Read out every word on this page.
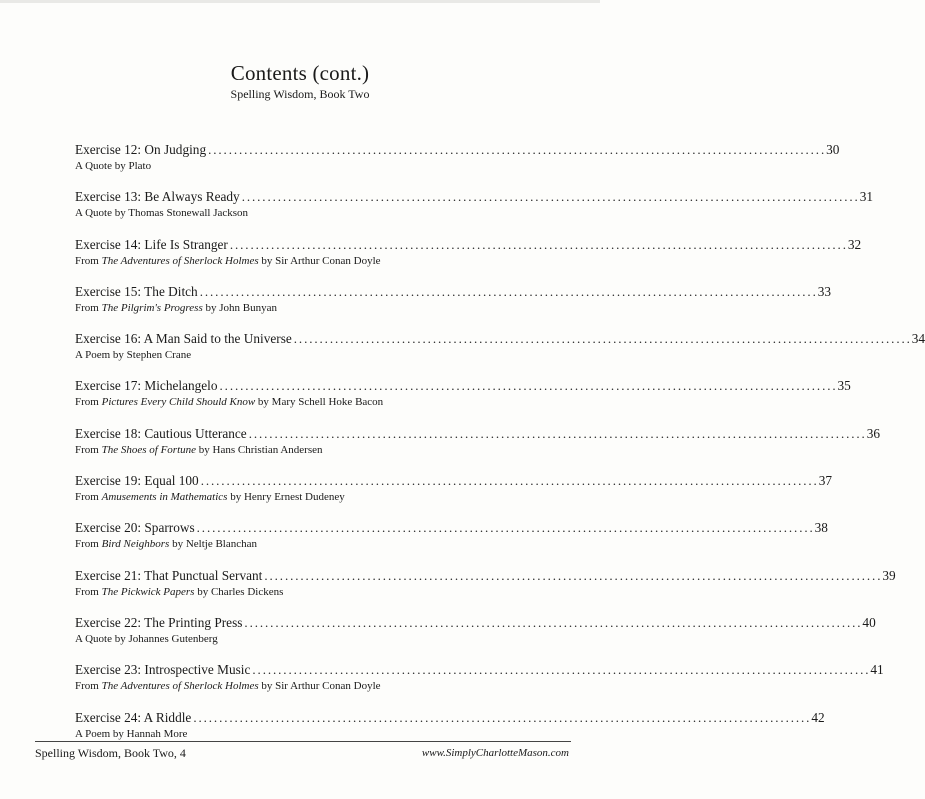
Contents (cont.)
Spelling Wisdom, Book Two
Exercise 12: On Judging ........................................................................................................................ 30
A Quote by Plato
Exercise 13: Be Always Ready ........................................................................................................................ 31
A Quote by Thomas Stonewall Jackson
Exercise 14: Life Is Stranger ........................................................................................................................ 32
From The Adventures of Sherlock Holmes by Sir Arthur Conan Doyle
Exercise 15: The Ditch ........................................................................................................................ 33
From The Pilgrim's Progress by John Bunyan
Exercise 16: A Man Said to the Universe ........................................................................................................................ 34
A Poem by Stephen Crane
Exercise 17: Michelangelo ........................................................................................................................ 35
From Pictures Every Child Should Know by Mary Schell Hoke Bacon
Exercise 18: Cautious Utterance ........................................................................................................................ 36
From The Shoes of Fortune by Hans Christian Andersen
Exercise 19: Equal 100 ........................................................................................................................ 37
From Amusements in Mathematics by Henry Ernest Dudeney
Exercise 20: Sparrows ........................................................................................................................ 38
From Bird Neighbors by Neltje Blanchan
Exercise 21: That Punctual Servant ........................................................................................................................ 39
From The Pickwick Papers by Charles Dickens
Exercise 22: The Printing Press ........................................................................................................................ 40
A Quote by Johannes Gutenberg
Exercise 23: Introspective Music ........................................................................................................................ 41
From The Adventures of Sherlock Holmes by Sir Arthur Conan Doyle
Exercise 24: A Riddle ........................................................................................................................ 42
A Poem by Hannah More
Spelling Wisdom, Book Two, 4	www.SimplyCharlotteMason.com
